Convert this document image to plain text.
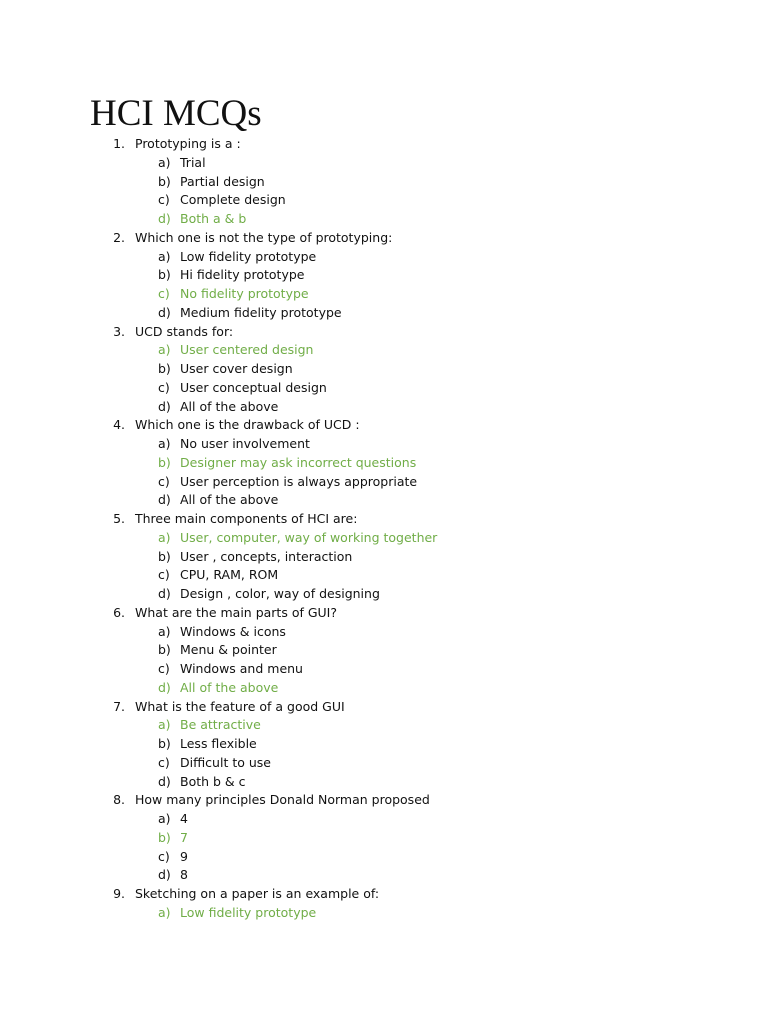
HCI MCQs
1. Prototyping is a :
a) Trial
b) Partial design
c) Complete design
d) Both a & b
2. Which one is not the type of prototyping:
a) Low fidelity prototype
b) Hi fidelity prototype
c) No fidelity prototype
d) Medium fidelity prototype
3. UCD stands for:
a) User centered design
b) User cover design
c) User conceptual design
d) All of the above
4. Which one is the drawback of UCD :
a) No user involvement
b) Designer may ask incorrect questions
c) User perception is always appropriate
d) All of the above
5. Three main components of HCI are:
a) User, computer, way of working together
b) User , concepts, interaction
c) CPU, RAM, ROM
d) Design , color, way of designing
6. What are the main parts of GUI?
a) Windows & icons
b) Menu & pointer
c) Windows and menu
d) All of the above
7. What is the feature of a good GUI
a) Be attractive
b) Less flexible
c) Difficult to use
d) Both b & c
8. How many principles Donald Norman proposed
a) 4
b) 7
c) 9
d) 8
9. Sketching on a paper is an example of:
a) Low fidelity prototype
